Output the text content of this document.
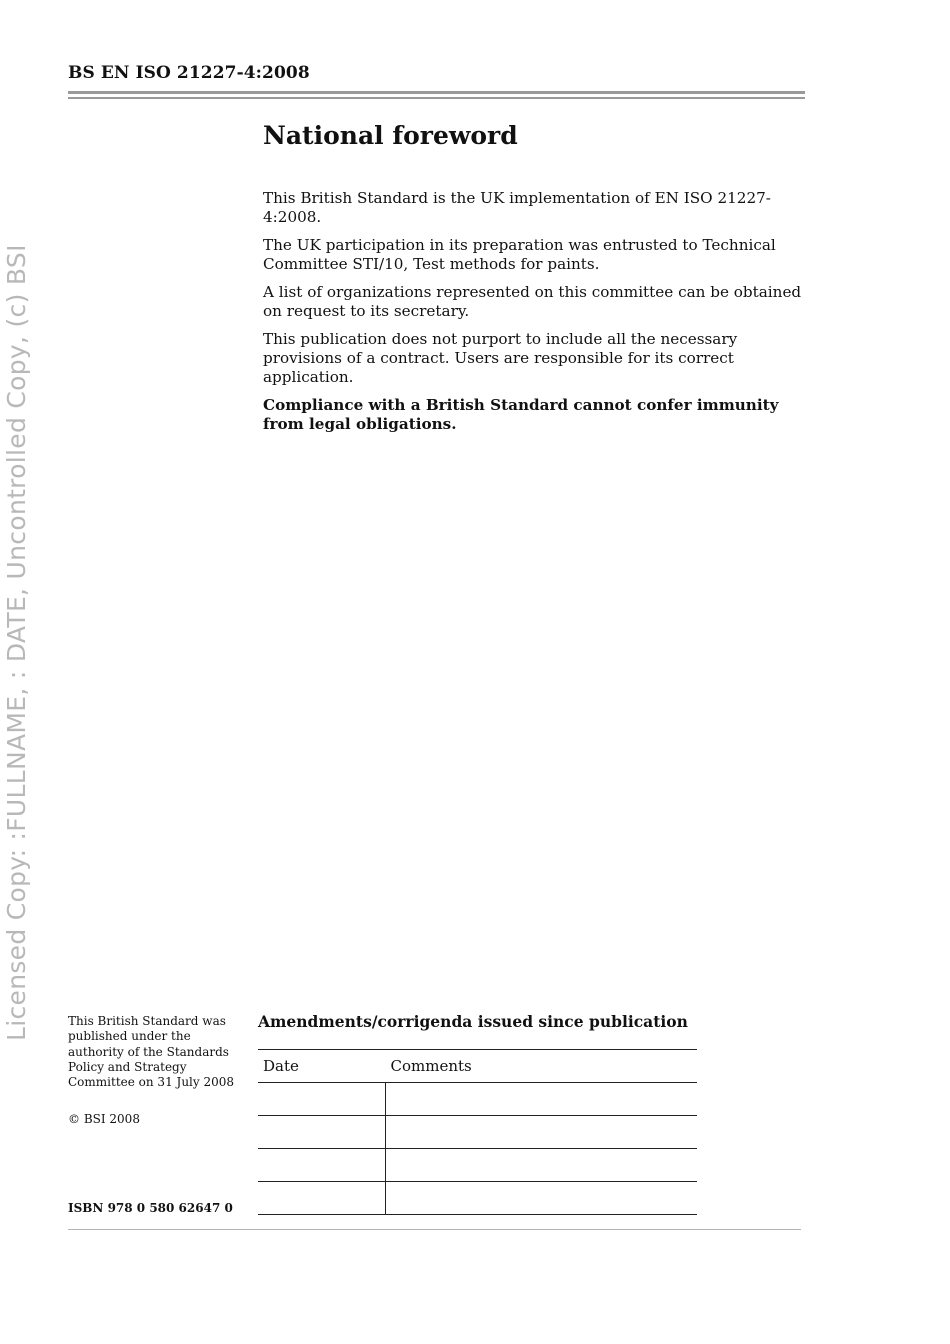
BS EN ISO 21227-4:2008
Licensed Copy: :FULLNAME, : DATE, Uncontrolled Copy, (c) BSI
National foreword

This British Standard is the UK implementation of EN ISO 21227-4:2008.

The UK participation in its preparation was entrusted to Technical Committee STI/10, Test methods for paints.

A list of organizations represented on this committee can be obtained on request to its secretary.

This publication does not purport to include all the necessary provisions of a contract. Users are responsible for its correct application.

Compliance with a British Standard cannot confer immunity from legal obligations.

This British Standard was published under the authority of the Standards Policy and Strategy Committee on 31 July 2008
© BSI 2008
ISBN 978 0 580 62647 0
Amendments/corrigenda issued since publication
Date	Comments
